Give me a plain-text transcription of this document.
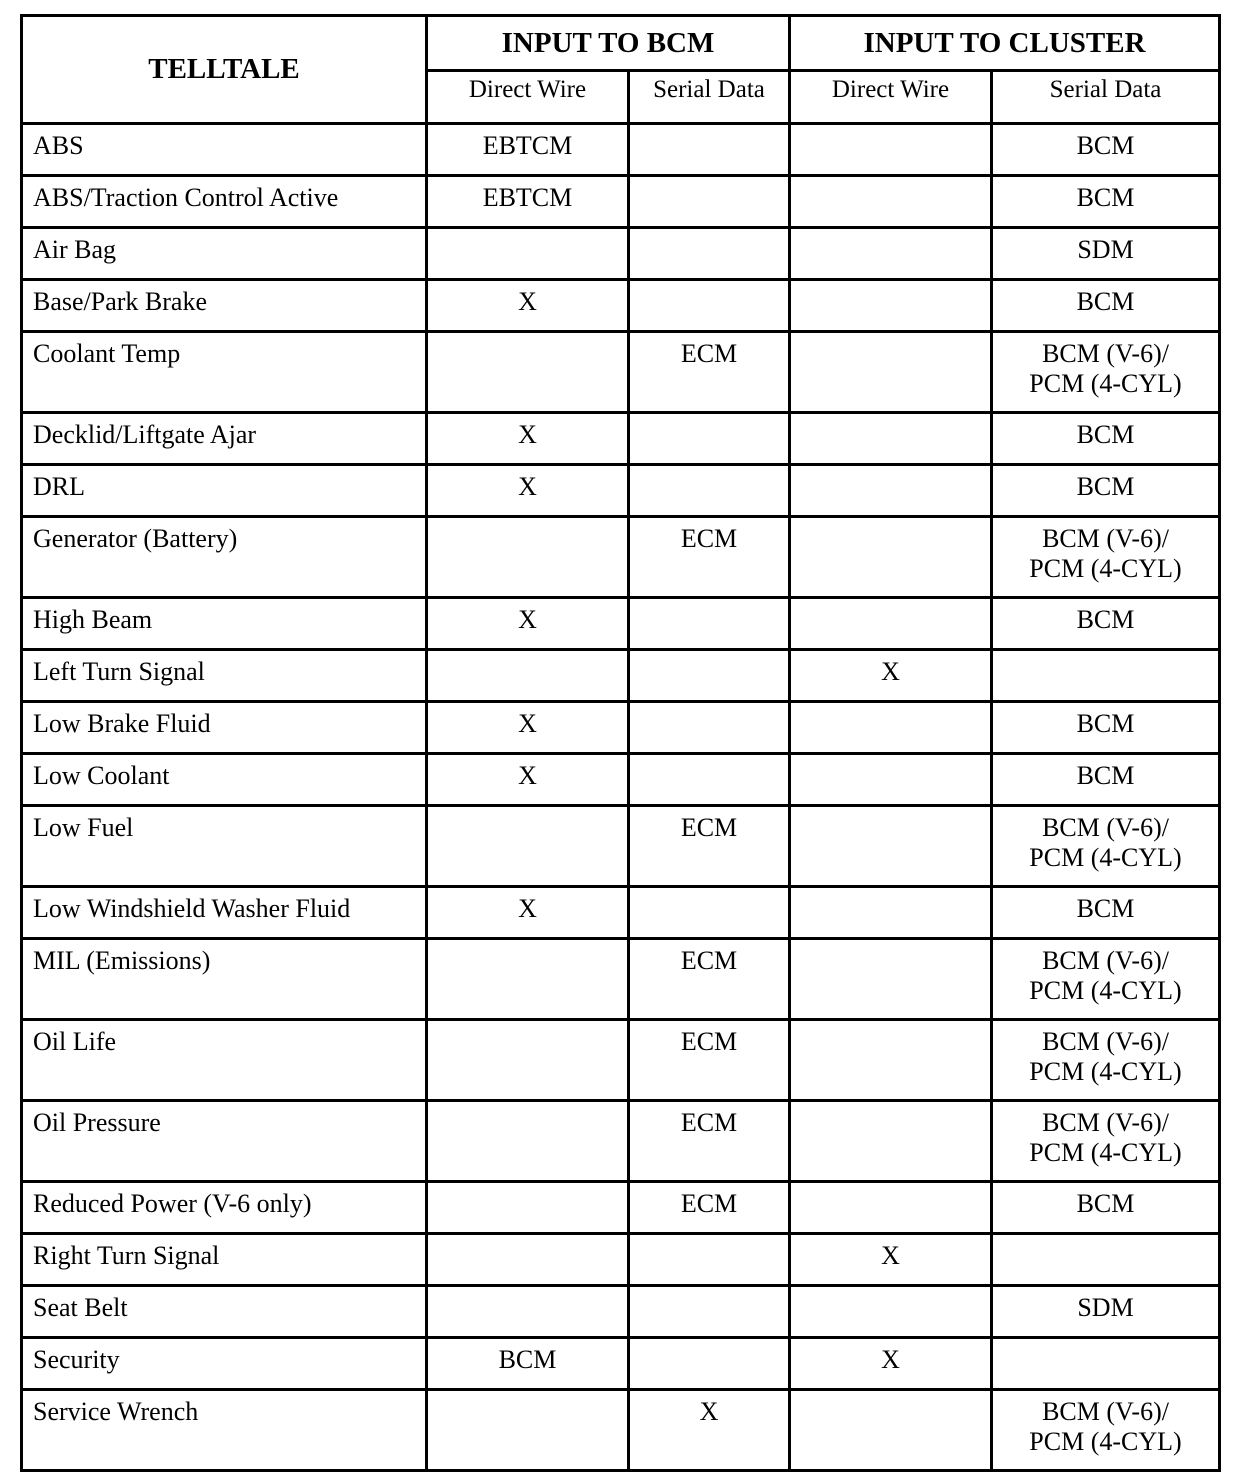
TELLTALE	INPUT TO BCM		INPUT TO CLUSTER	
	Direct Wire	Serial Data	Direct Wire	Serial Data
ABS	EBTCM			BCM

ABS/Traction Control Active	EBTCM			BCM

Air Bag				SDM

Base/Park Brake	X			BCM

Coolant Temp		ECM		BCM (V-6)/
PCM (4-CYL)

Decklid/Liftgate Ajar	X			BCM

DRL	X			BCM

Generator (Battery)		ECM		BCM (V-6)/
PCM (4-CYL)

High Beam	X			BCM

Left Turn Signal			X	

Low Brake Fluid	X			BCM

Low Coolant	X			BCM

Low Fuel		ECM		BCM (V-6)/
PCM (4-CYL)

Low Windshield Washer Fluid	X			BCM

MIL (Emissions)		ECM		BCM (V-6)/
PCM (4-CYL)

Oil Life		ECM		BCM (V-6)/
PCM (4-CYL)

Oil Pressure		ECM		BCM (V-6)/
PCM (4-CYL)

Reduced Power (V-6 only)		ECM		BCM

Right Turn Signal			X	

Seat Belt				SDM

Security	BCM		X	

Service Wrench		X		BCM (V-6)/
PCM (4-CYL)
